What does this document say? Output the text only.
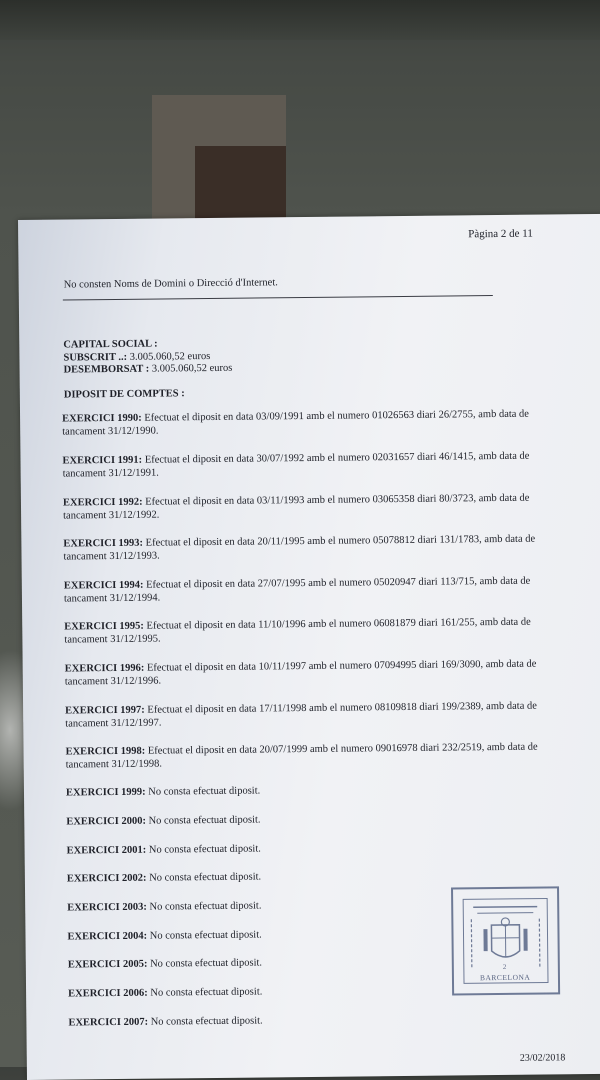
Pàgina 2 de 11
No consten Noms de Domini o Direcció d'Internet.
CAPITAL SOCIAL :
SUBSCRIT ..: 3.005.060,52 euros
DESEMBORSAT : 3.005.060,52 euros
DIPOSIT DE COMPTES :
EXERCICI 1990: Efectuat el diposit en data 03/09/1991 amb el numero 01026563 diari 26/2755, amb data de tancament 31/12/1990.
EXERCICI 1991: Efectuat el diposit en data 30/07/1992 amb el numero 02031657 diari 46/1415, amb data de tancament 31/12/1991.
EXERCICI 1992: Efectuat el diposit en data 03/11/1993 amb el numero 03065358 diari 80/3723, amb data de tancament 31/12/1992.
EXERCICI 1993: Efectuat el diposit en data 20/11/1995 amb el numero 05078812 diari 131/1783, amb data de tancament 31/12/1993.
EXERCICI 1994: Efectuat el diposit en data 27/07/1995 amb el numero 05020947 diari 113/715, amb data de tancament 31/12/1994.
EXERCICI 1995: Efectuat el diposit en data 11/10/1996 amb el numero 06081879 diari 161/255, amb data de tancament 31/12/1995.
EXERCICI 1996: Efectuat el diposit en data 10/11/1997 amb el numero 07094995 diari 169/3090, amb data de tancament 31/12/1996.
EXERCICI 1997: Efectuat el diposit en data 17/11/1998 amb el numero 08109818 diari 199/2389, amb data de tancament 31/12/1997.
EXERCICI 1998: Efectuat el diposit en data 20/07/1999 amb el numero 09016978 diari 232/2519, amb data de tancament 31/12/1998.
EXERCICI 1999: No consta efectuat diposit.
EXERCICI 2000: No consta efectuat diposit.
EXERCICI 2001: No consta efectuat diposit.
EXERCICI 2002: No consta efectuat diposit.
EXERCICI 2003: No consta efectuat diposit.
EXERCICI 2004: No consta efectuat diposit.
EXERCICI 2005: No consta efectuat diposit.
EXERCICI 2006: No consta efectuat diposit.
EXERCICI 2007: No consta efectuat diposit.
2
BARCELONA
23/02/2018
